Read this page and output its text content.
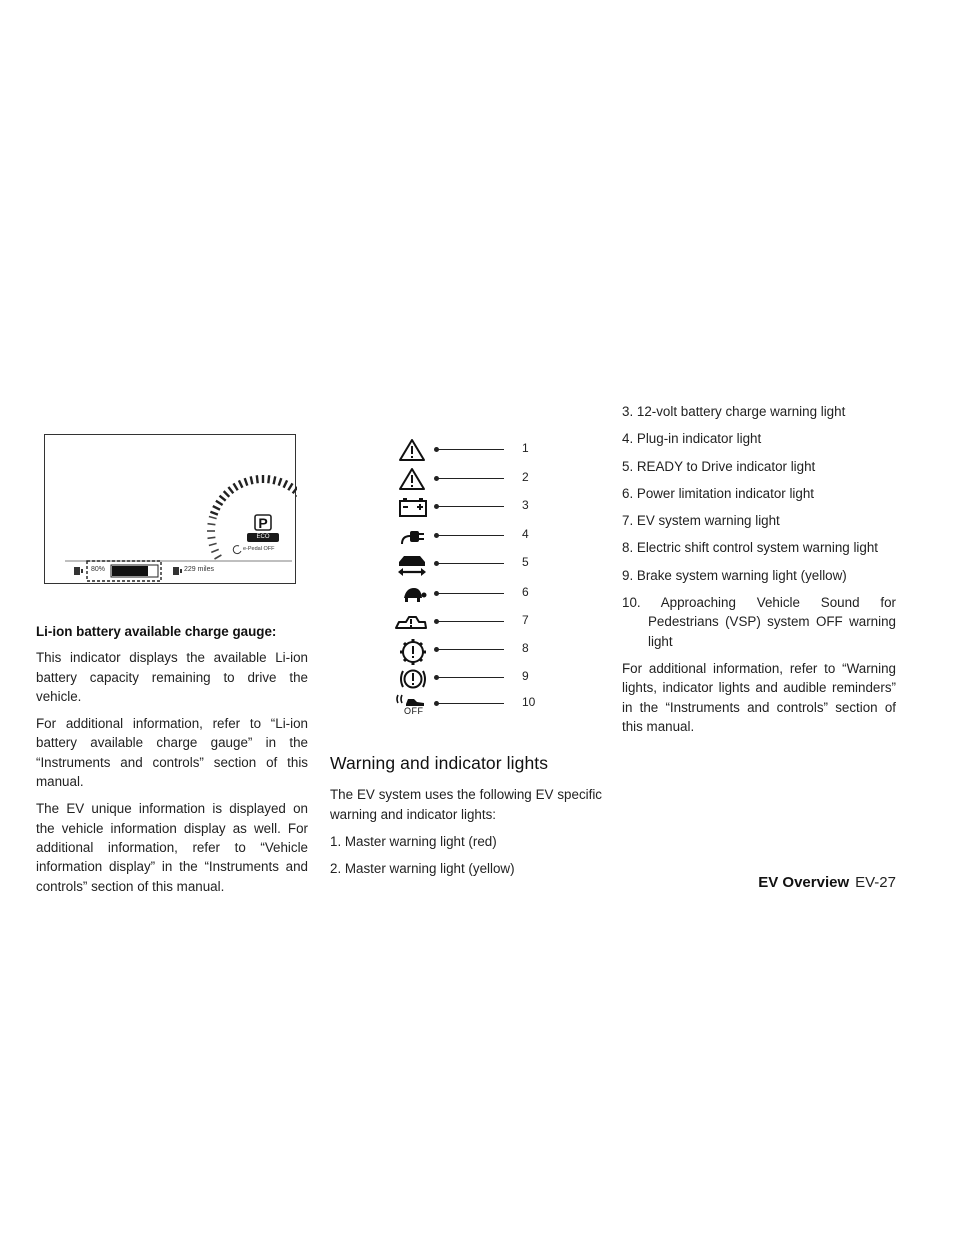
P
ECO
e-Pedal OFF
80%	229 miles
Li-ion battery available charge gauge:

This indicator displays the available Li-ion battery capacity remaining to drive the vehicle.

For additional information, refer to “Li-ion battery available charge gauge” in the “Instruments and controls” section of this manual.

The EV unique information is displayed on the vehicle information display as well. For additional information, refer to “Vehicle information display” in the “Instruments and controls” section of this manual.

1
2
3
4
5
6
7
8
9
OFF
10
Warning and indicator lights

The EV system uses the following EV specific warning and indicator lights:

1. Master warning light (red)

2. Master warning light (yellow)

3. 12-volt battery charge warning light

4. Plug-in indicator light

5. READY to Drive indicator light

6. Power limitation indicator light

7. EV system warning light

8. Electric shift control system warning light

9. Brake system warning light (yellow)

10. Approaching Vehicle Sound for Pedestrians (VSP) system OFF warning light

For additional information, refer to “Warning lights, indicator lights and audible reminders” in the “Instruments and controls” section of this manual.

EV Overview EV-27
